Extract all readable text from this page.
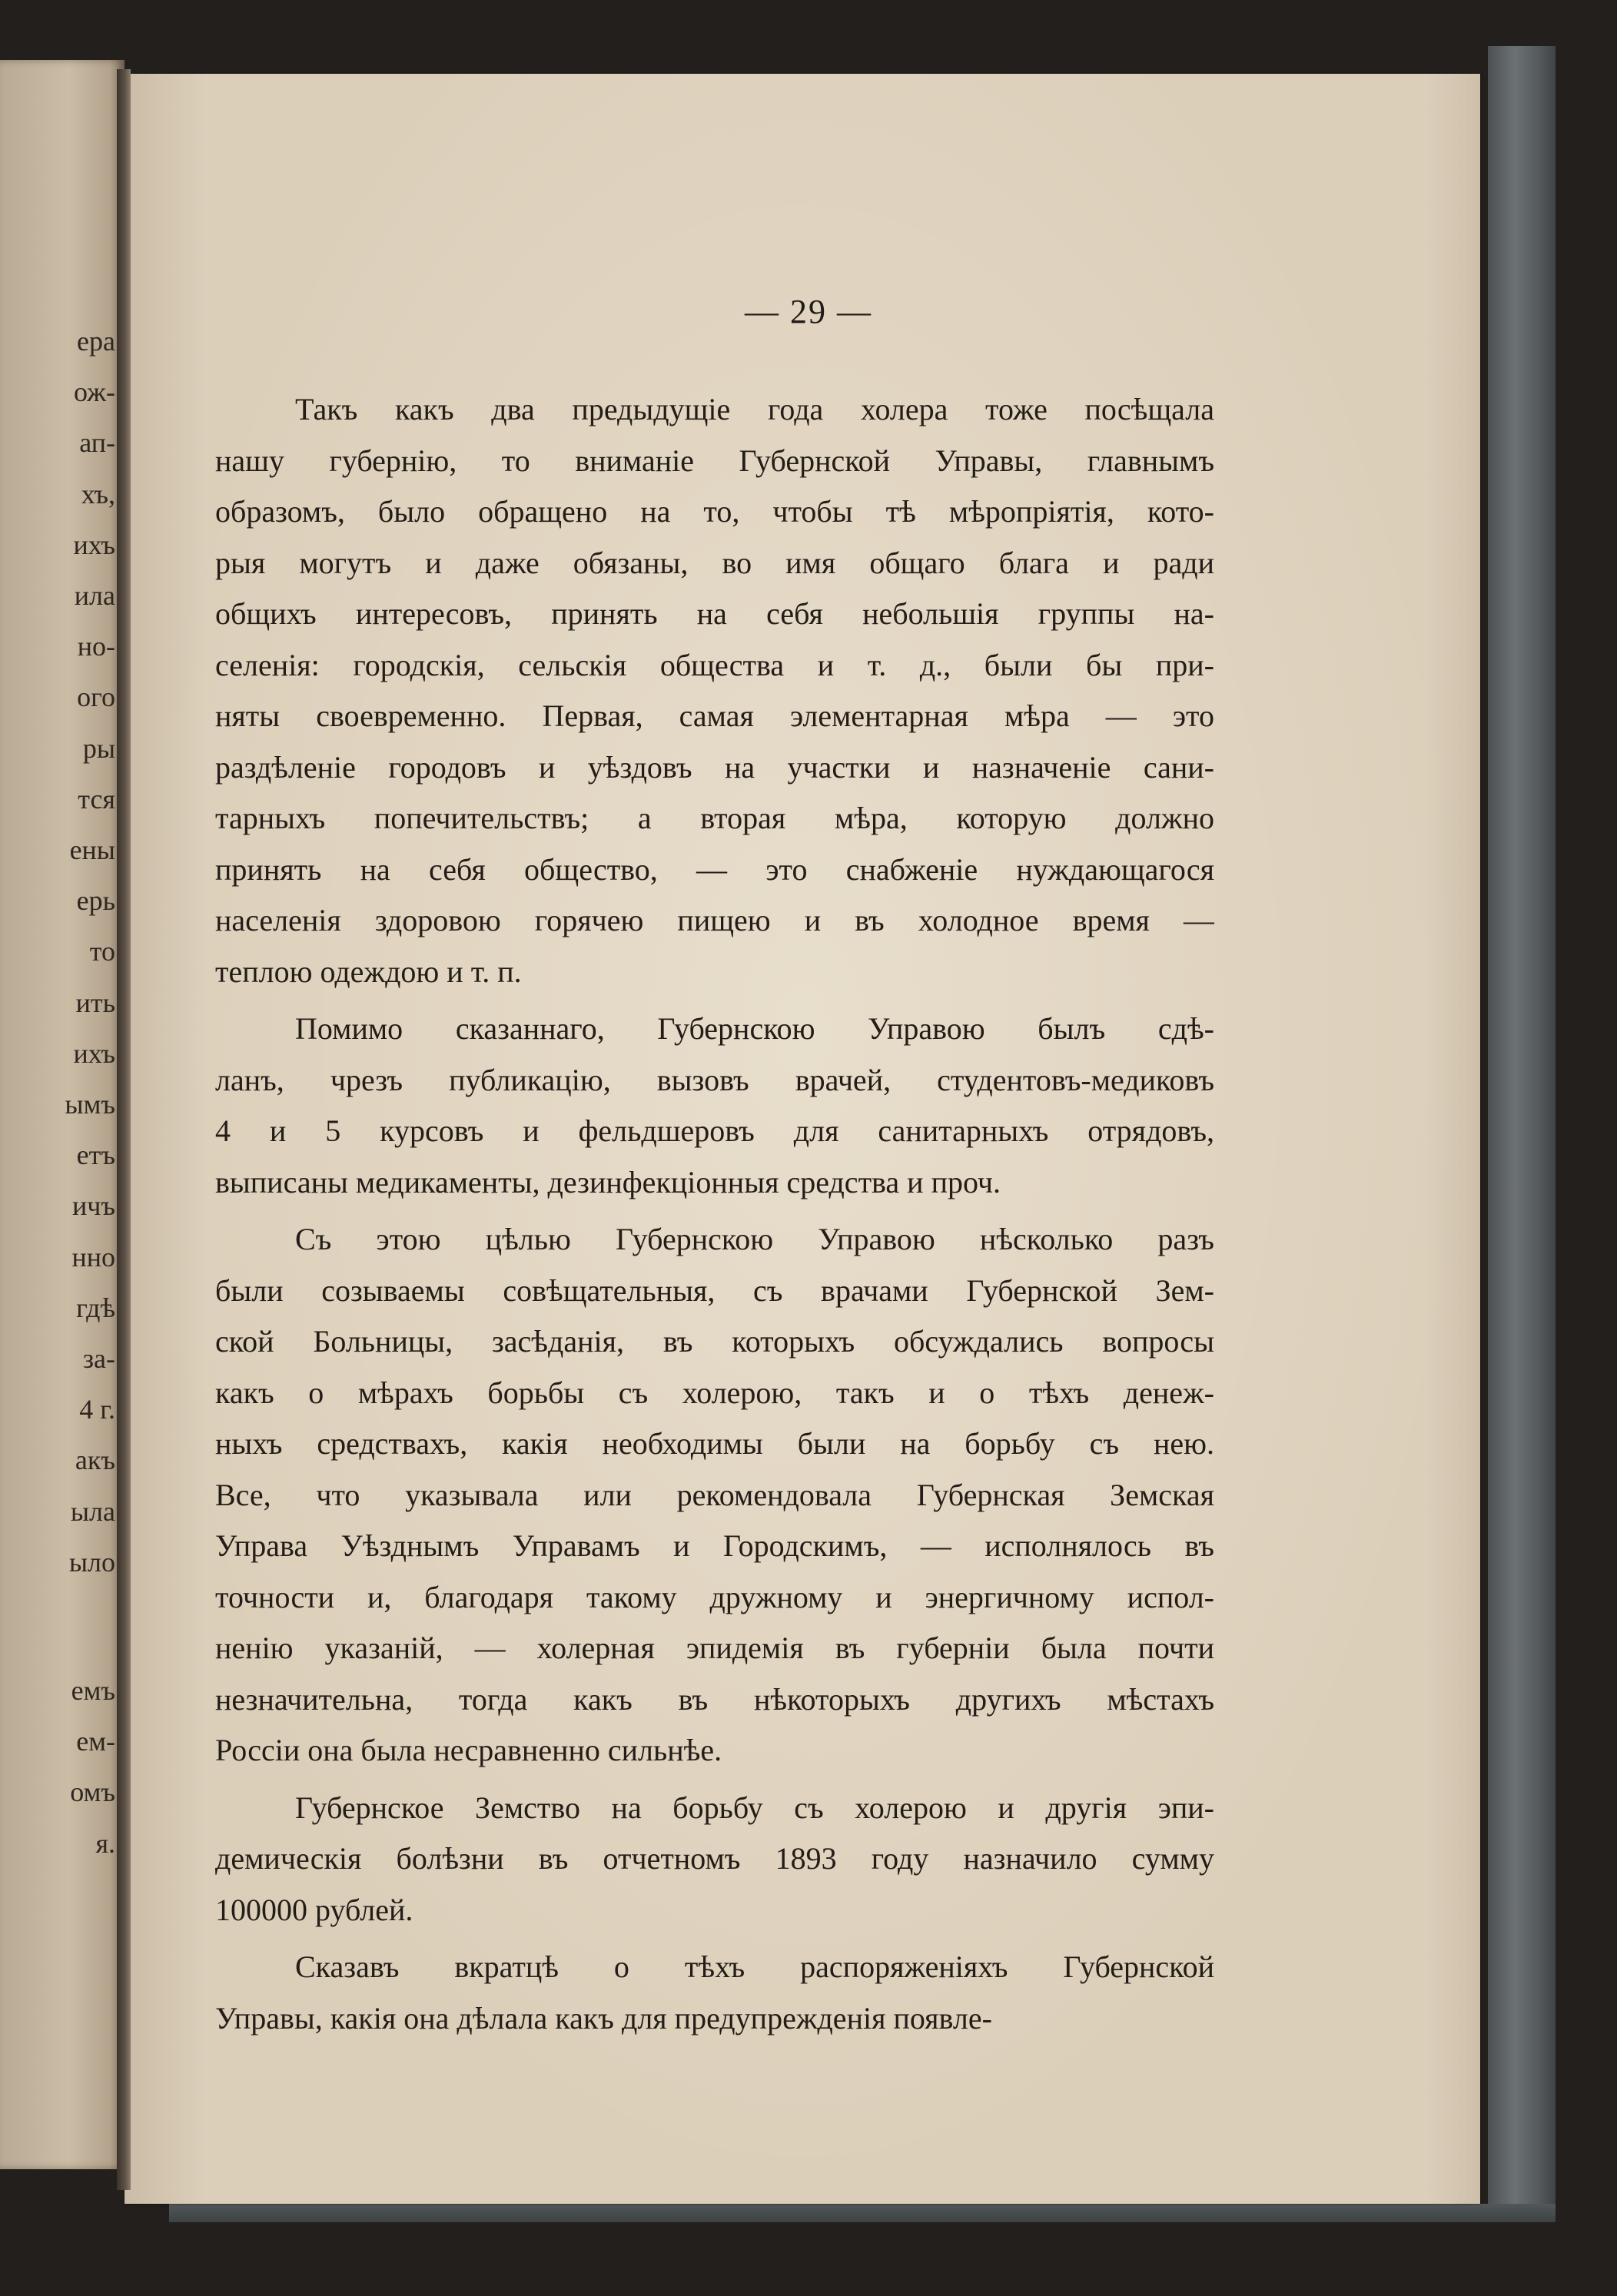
ера
ож-
ап-
хъ,
ихъ
ила
но-
ого
ры
тся
ены
ерь
то
ить
ихъ
ымъ
етъ
ичъ
нно
гдѣ
за-
4 г.
акъ
ыла
ыло
емъ
ем-
омъ
я.
— 29 —
Такъ какъ два предыдущіе года холера тоже посѣщала
нашу губернію, то вниманіе Губернской Управы, главнымъ
образомъ, было обращено на то, чтобы тѣ мѣропріятія, кото-
рыя могутъ и даже обязаны, во имя общаго блага и ради
общихъ интересовъ, принять на себя небольшія группы на-
селенія: городскія, сельскія общества и т. д., были бы при-
няты своевременно. Первая, самая элементарная мѣра — это
раздѣленіе городовъ и уѣздовъ на участки и назначеніе сани-
тарныхъ попечительствъ; а вторая мѣра, которую должно
принять на себя общество, — это снабженіе нуждающагося
населенія здоровою горячею пищею и въ холодное время —
теплою одеждою и т. п.
Помимо сказаннаго, Губернскою Управою былъ сдѣ-
ланъ, чрезъ публикацію, вызовъ врачей, студентовъ-медиковъ
4 и 5 курсовъ и фельдшеровъ для санитарныхъ отрядовъ,
выписаны медикаменты, дезинфекціонныя средства и проч.
Съ этою цѣлью Губернскою Управою нѣсколько разъ
были созываемы совѣщательныя, съ врачами Губернской Зем-
ской Больницы, засѣданія, въ которыхъ обсуждались вопросы
какъ о мѣрахъ борьбы съ холерою, такъ и о тѣхъ денеж-
ныхъ средствахъ, какія необходимы были на борьбу съ нею.
Все, что указывала или рекомендовала Губернская Земская
Управа Уѣзднымъ Управамъ и Городскимъ, — исполнялось въ
точности и, благодаря такому дружному и энергичному испол-
ненію указаній, — холерная эпидемія въ губерніи была почти
незначительна, тогда какъ въ нѣкоторыхъ другихъ мѣстахъ
Россіи она была несравненно сильнѣе.
Губернское Земство на борьбу съ холерою и другія эпи-
демическія болѣзни въ отчетномъ 1893 году назначило сумму
100000 рублей.
Сказавъ вкратцѣ о тѣхъ распоряженіяхъ Губернской
Управы, какія она дѣлала какъ для предупрежденія появле-
